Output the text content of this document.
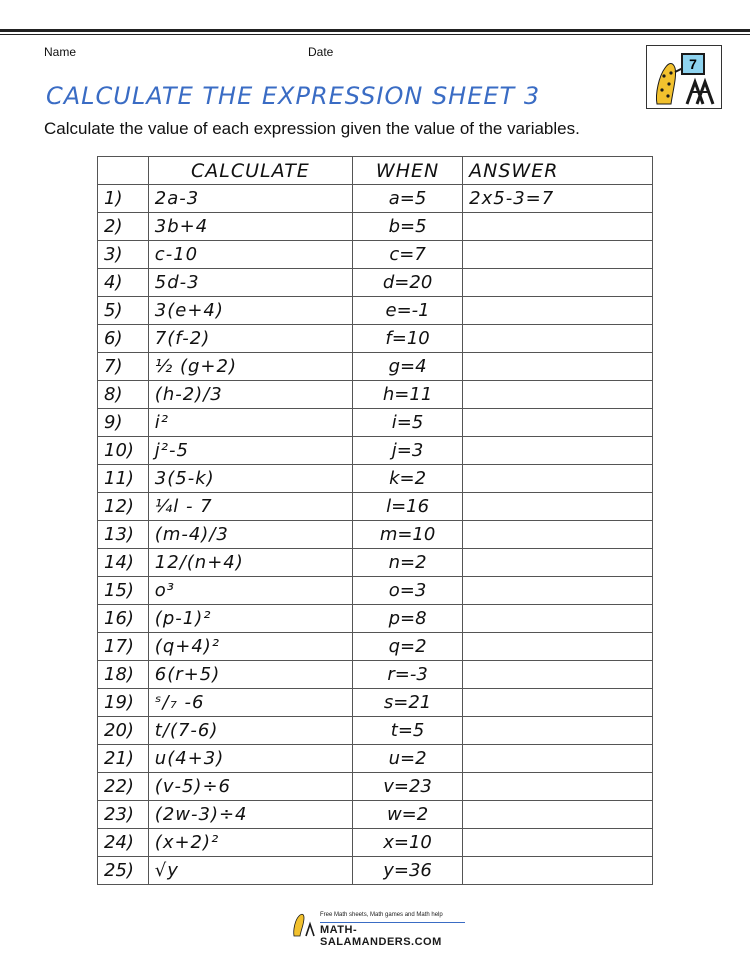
Name	Date
7
CALCULATE THE EXPRESSION SHEET 3
Calculate the value of each expression given the value of the variables.
	CALCULATE	WHEN	ANSWER
1)	2a-3	a=5	2x5-3=7
2)	3b+4	b=5	
3)	c-10	c=7	
4)	5d-3	d=20	
5)	3(e+4)	e=-1	
6)	7(f-2)	f=10	
7)	½ (g+2)	g=4	
8)	(h-2)/3	h=11	
9)	i²	i=5	
10)	j²-5	j=3	
11)	3(5-k)	k=2	
12)	¼l - 7	l=16	
13)	(m-4)/3	m=10	
14)	12/(n+4)	n=2	
15)	o³	o=3	
16)	(p-1)²	p=8	
17)	(q+4)²	q=2	
18)	6(r+5)	r=-3	
19)	ˢ/₇ -6	s=21	
20)	t/(7-6)	t=5	
21)	u(4+3)	u=2	
22)	(v-5)÷6	v=23	
23)	(2w-3)÷4	w=2	
24)	(x+2)²	x=10	
25)	√y	y=36	
Free Math sheets, Math games and Math help
MATH-SALAMANDERS.COM
